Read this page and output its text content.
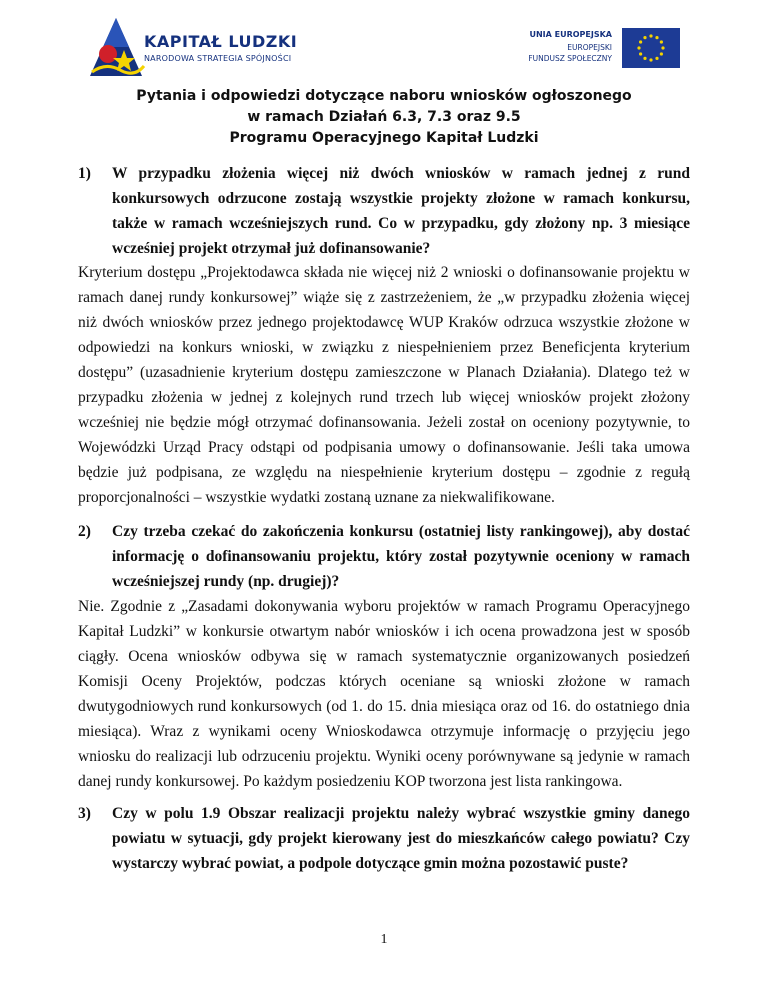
KAPITAŁ LUDZKI
NARODOWA STRATEGIA SPÓJNOŚCI
UNIA EUROPEJSKA
EUROPEJSKI
FUNDUSZ SPOŁECZNY
Pytania i odpowiedzi dotyczące naboru wniosków ogłoszonego
w ramach Działań 6.3, 7.3 oraz 9.5
Programu Operacyjnego Kapitał Ludzki
1) W przypadku złożenia więcej niż dwóch wniosków w ramach jednej z rund konkursowych odrzucone zostają wszystkie projekty złożone w ramach konkursu, także w ramach wcześniejszych rund. Co w przypadku, gdy złożony np. 3 miesiące wcześniej projekt otrzymał już dofinansowanie?
Kryterium dostępu „Projektodawca składa nie więcej niż 2 wnioski o dofinansowanie projektu w ramach danej rundy konkursowej” wiąże się z zastrzeżeniem, że „w przypadku złożenia więcej niż dwóch wniosków przez jednego projektodawcę WUP Kraków odrzuca wszystkie złożone w odpowiedzi na konkurs wnioski, w związku z niespełnieniem przez Beneficjenta kryterium dostępu” (uzasadnienie kryterium dostępu zamieszczone w Planach Działania). Dlatego też w przypadku złożenia w jednej z kolejnych rund trzech lub więcej wniosków projekt złożony wcześniej nie będzie mógł otrzymać dofinansowania. Jeżeli został on oceniony pozytywnie, to Wojewódzki Urząd Pracy odstąpi od podpisania umowy o dofinansowanie. Jeśli taka umowa będzie już podpisana, ze względu na niespełnienie kryterium dostępu – zgodnie z regułą proporcjonalności – wszystkie wydatki zostaną uznane za niekwalifikowane.
2) Czy trzeba czekać do zakończenia konkursu (ostatniej listy rankingowej), aby dostać informację o dofinansowaniu projektu, który został pozytywnie oceniony w ramach wcześniejszej rundy (np. drugiej)?
Nie. Zgodnie z „Zasadami dokonywania wyboru projektów w ramach Programu Operacyjnego Kapitał Ludzki” w konkursie otwartym nabór wniosków i ich ocena prowadzona jest w sposób ciągły. Ocena wniosków odbywa się w ramach systematycznie organizowanych posiedzeń Komisji Oceny Projektów, podczas których oceniane są wnioski złożone w ramach dwutygodniowych rund konkursowych (od 1. do 15. dnia miesiąca oraz od 16. do ostatniego dnia miesiąca). Wraz z wynikami oceny Wnioskodawca otrzymuje informację o przyjęciu jego wniosku do realizacji lub odrzuceniu projektu. Wyniki oceny porównywane są jedynie w ramach danej rundy konkursowej. Po każdym posiedzeniu KOP tworzona jest lista rankingowa.
3) Czy w polu 1.9 Obszar realizacji projektu należy wybrać wszystkie gminy danego powiatu w sytuacji, gdy projekt kierowany jest do mieszkańców całego powiatu? Czy wystarczy wybrać powiat, a podpole dotyczące gmin można pozostawić puste?
1
